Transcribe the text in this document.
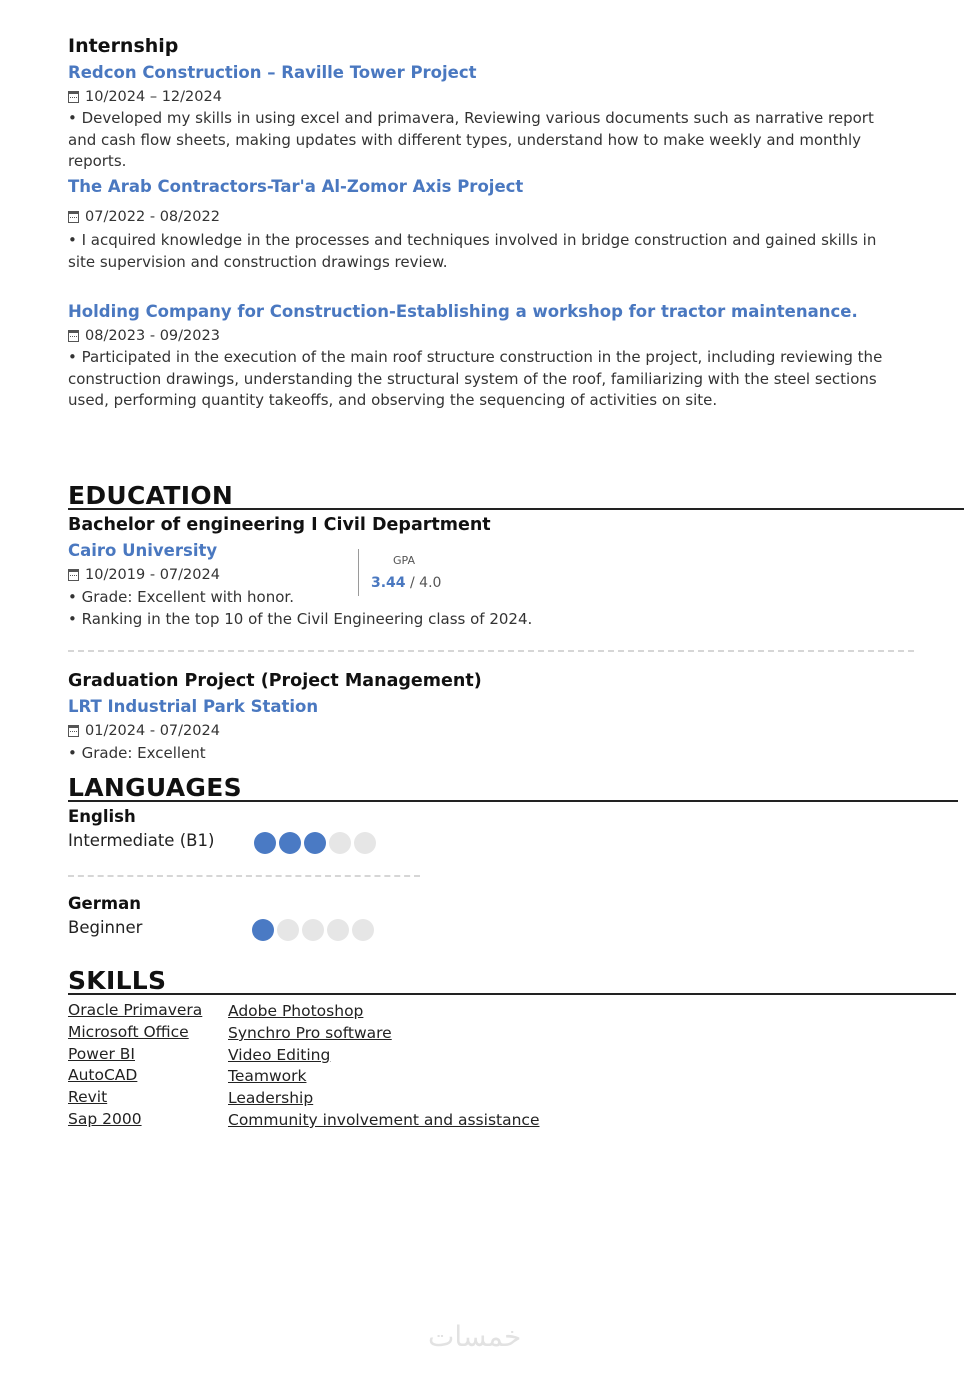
Internship
Redcon Construction – Raville Tower Project
10/2024 – 12/2024
• Developed my skills in using excel and primavera, Reviewing various documents such as narrative report and cash flow sheets, making updates with different types, understand how to make weekly and monthly reports.
The Arab Contractors-Tar'a Al-Zomor Axis Project
07/2022 - 08/2022
• I acquired knowledge in the processes and techniques involved in bridge construction and gained skills in site supervision and construction drawings review.
Holding Company for Construction-Establishing a workshop for tractor maintenance.
08/2023 - 09/2023
• Participated in the execution of the main roof structure construction in the project, including reviewing the construction drawings, understanding the structural system of the roof, familiarizing with the steel sections used, performing quantity takeoffs, and observing the sequencing of activities on site.
EDUCATION
Bachelor of engineering I Civil Department
Cairo University
10/2019 - 07/2024
• Grade: Excellent with honor.
• Ranking in the top 10 of the Civil Engineering class of 2024.
GPA
3.44 / 4.0
Graduation Project (Project Management)
LRT Industrial Park Station
01/2024 - 07/2024
• Grade: Excellent
LANGUAGES
English
Intermediate (B1)
German
Beginner
SKILLS
Oracle Primavera
Microsoft Office
Power BI
AutoCAD
Revit
Sap 2000
Adobe Photoshop
Synchro Pro software
Video Editing
Teamwork
Leadership
Community involvement and assistance
خمسات
